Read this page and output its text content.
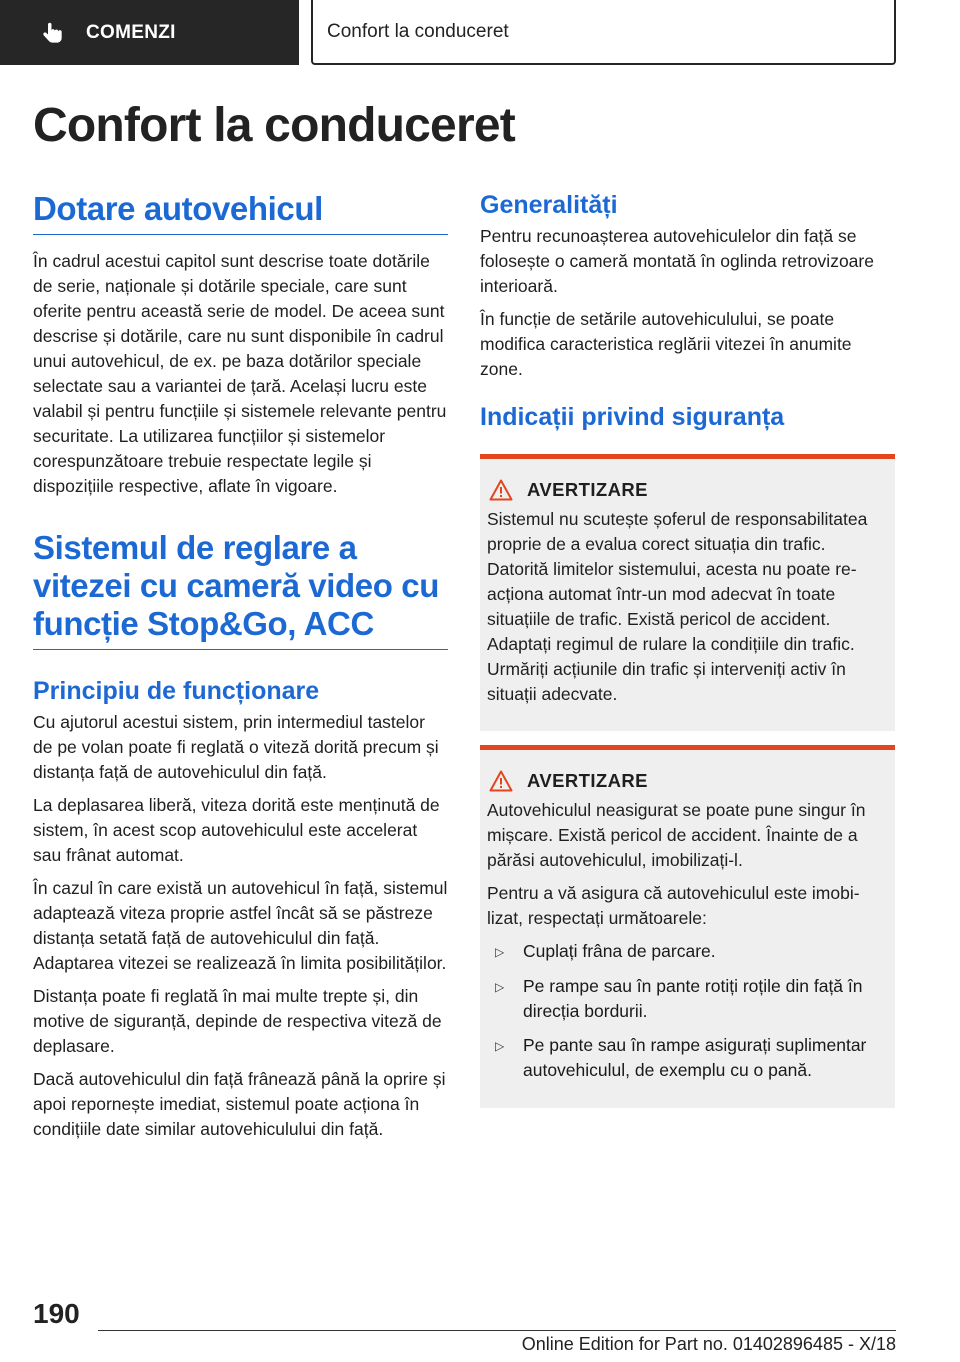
COMENZI	Confort la conduceret
Confort la conduceret
Dotare autovehicul

În cadrul acestui capitol sunt descrise toate dotările de serie, naționale și dotările speciale, care sunt oferite pentru această serie de model. De aceea sunt descrise și dotările, care nu sunt disponibile în cadrul unui autovehicul, de ex. pe baza dotărilor speciale selectate sau a variantei de țară. Același lucru este valabil și pentru funcțiile și sistemele relevante pentru securitate. La utilizarea funcțiilor și sistemelor corespunzătoare trebuie respectate legile și dispozițiile respective, aflate în vigoare.

Sistemul de reglare a vitezei cu cameră video cu funcție Stop&Go, ACC
Principiu de funcționare

Cu ajutorul acestui sistem, prin intermediul tastelor de pe volan poate fi reglată o viteză dorită precum și distanța față de autovehiculul din față.

La deplasarea liberă, viteza dorită este menținută de sistem, în acest scop autovehiculul este accelerat sau frânat automat.

În cazul în care există un autovehicul în față, sistemul adaptează viteza proprie astfel încât să se păstreze distanța setată față de autovehiculul din față. Adaptarea vitezei se realizează în limita posibilităților.

Distanța poate fi reglată în mai multe trepte și, din motive de siguranță, depinde de respectiva viteză de deplasare.

Dacă autovehiculul din față frânează până la oprire și apoi repornește imediat, sistemul poate acționa în condițiile date similar autovehiculului din față.

Generalități

Pentru recunoașterea autovehiculelor din față se folosește o cameră montată în oglinda retrovizoare interioară.

În funcție de setările autovehiculului, se poate modifica caracteristica reglării vitezei în anumite zone.

Indicații privind siguranța
AVERTIZARE

Sistemul nu scutește șoferul de responsabilitatea proprie de a evalua corect situația din trafic. Datorită limitelor sistemului, acesta nu poate reacționa automat într-un mod adecvat în toate situațiile de trafic. Există pericol de accident. Adaptați regimul de rulare la condițiile din trafic. Urmăriți acțiunile din trafic și interveniți activ în situații adecvate.

AVERTIZARE

Autovehiculul neasigurat se poate pune singur în mișcare. Există pericol de accident. Înainte de a părăsi autovehiculul, imobilizați-l.

Pentru a vă asigura că autovehiculul este imobilizat, respectați următoarele:

▷	Cuplați frâna de parcare.
▷	Pe rampe sau în pante rotiți roțile din față în direcția bordurii.
▷	Pe pante sau în rampe asigurați suplimentar autovehiculul, de exemplu cu o pană.
190
Online Edition for Part no. 01402896485 - X/18
